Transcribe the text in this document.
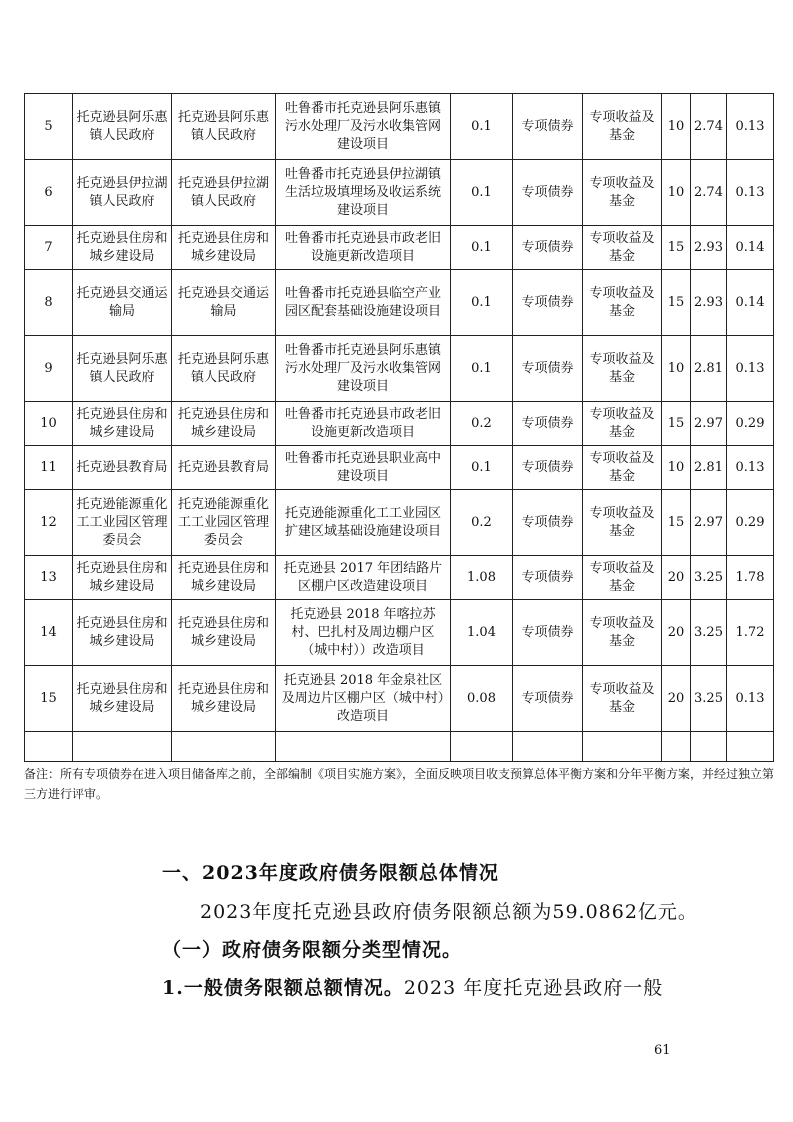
5	托克逊县阿乐惠镇人民政府	托克逊县阿乐惠镇人民政府	吐鲁番市托克逊县阿乐惠镇污水处理厂及污水收集管网建设项目	0.1	专项债券	专项收益及基金	10	2.74	0.13
6	托克逊县伊拉湖镇人民政府	托克逊县伊拉湖镇人民政府	吐鲁番市托克逊县伊拉湖镇生活垃圾填埋场及收运系统建设项目	0.1	专项债券	专项收益及基金	10	2.74	0.13
7	托克逊县住房和城乡建设局	托克逊县住房和城乡建设局	吐鲁番市托克逊县市政老旧设施更新改造项目	0.1	专项债券	专项收益及基金	15	2.93	0.14
8	托克逊县交通运输局	托克逊县交通运输局	吐鲁番市托克逊县临空产业园区配套基础设施建设项目	0.1	专项债券	专项收益及基金	15	2.93	0.14
9	托克逊县阿乐惠镇人民政府	托克逊县阿乐惠镇人民政府	吐鲁番市托克逊县阿乐惠镇污水处理厂及污水收集管网建设项目	0.1	专项债券	专项收益及基金	10	2.81	0.13
10	托克逊县住房和城乡建设局	托克逊县住房和城乡建设局	吐鲁番市托克逊县市政老旧设施更新改造项目	0.2	专项债券	专项收益及基金	15	2.97	0.29
11	托克逊县教育局	托克逊县教育局	吐鲁番市托克逊县职业高中建设项目	0.1	专项债券	专项收益及基金	10	2.81	0.13
12	托克逊能源重化工工业园区管理委员会	托克逊能源重化工工业园区管理委员会	托克逊能源重化工工业园区扩建区域基础设施建设项目	0.2	专项债券	专项收益及基金	15	2.97	0.29
13	托克逊县住房和城乡建设局	托克逊县住房和城乡建设局	托克逊县 2017 年团结路片区棚户区改造建设项目	1.08	专项债券	专项收益及基金	20	3.25	1.78
14	托克逊县住房和城乡建设局	托克逊县住房和城乡建设局	托克逊县 2018 年喀拉苏村、巴扎村及周边棚户区（城中村））改造项目	1.04	专项债券	专项收益及基金	20	3.25	1.72
15	托克逊县住房和城乡建设局	托克逊县住房和城乡建设局	托克逊县 2018 年金泉社区及周边片区棚户区（城中村）改造项目	0.08	专项债券	专项收益及基金	20	3.25	0.13

备注：所有专项债券在进入项目储备库之前，全部编制《项目实施方案》，全面反映项目收支预算总体平衡方案和分年平衡方案，并经过独立第三方进行评审。
一、2023年度政府债务限额总体情况
2023年度托克逊县政府债务限额总额为59.0862亿元。
（一）政府债务限额分类型情况。
1.一般债务限额总额情况。2023 年度托克逊县政府一般
61
